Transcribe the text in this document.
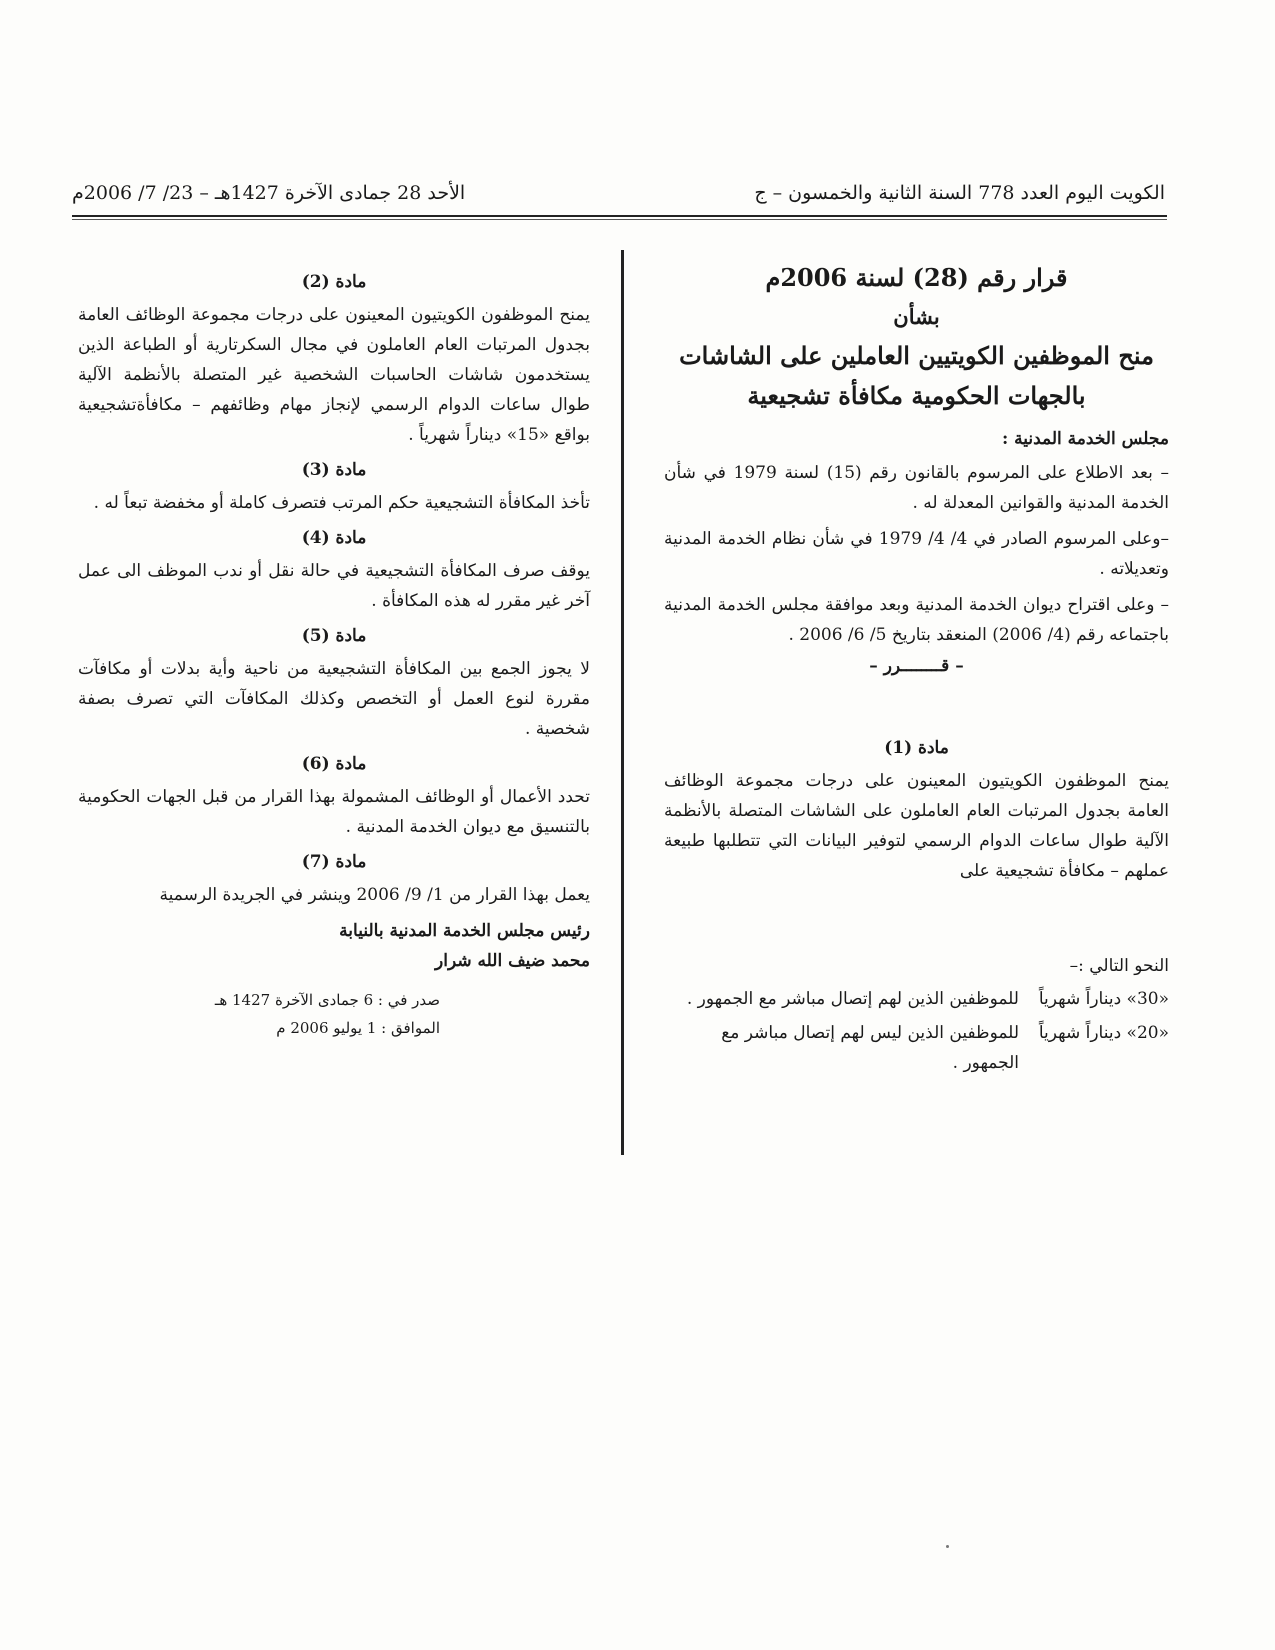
الكويت اليوم العدد 778 السنة الثانية والخمسون – ج
الأحد 28 جمادى الآخرة 1427هـ – 23/ 7/ 2006م
قرار رقم (28) لسنة 2006م
بشأن
منح الموظفين الكويتيين العاملين على الشاشات
بالجهات الحكومية مكافأة تشجيعية
مجلس الخدمة المدنية :
– بعد الاطلاع على المرسوم بالقانون رقم (15) لسنة 1979 في شأن الخدمة المدنية والقوانين المعدلة له .
–وعلى المرسوم الصادر في 4/ 4/ 1979 في شأن نظام الخدمة المدنية وتعديلاته .
– وعلى اقتراح ديوان الخدمة المدنية وبعد موافقة مجلس الخدمة المدنية باجتماعه رقم (4/ 2006) المنعقد بتاريخ 5/ 6/ 2006 .
– قــــــــرر –
مادة (1)
يمنح الموظفون الكويتيون المعينون على درجات مجموعة الوظائف العامة بجدول المرتبات العام العاملون على الشاشات المتصلة بالأنظمة الآلية طوال ساعات الدوام الرسمي لتوفير البيانات التي تتطلبها طبيعة عملهم – مكافأة تشجيعية على
النحو التالي :–
«30» ديناراً شهرياً
للموظفين الذين لهم إتصال مباشر مع الجمهور .
«20» ديناراً شهرياً
للموظفين الذين ليس لهم إتصال مباشر مع الجمهور .
مادة (2)
يمنح الموظفون الكويتيون المعينون على درجات مجموعة الوظائف العامة بجدول المرتبات العام العاملون في مجال السكرتارية أو الطباعة الذين يستخدمون شاشات الحاسبات الشخصية غير المتصلة بالأنظمة الآلية طوال ساعات الدوام الرسمي لإنجاز مهام وظائفهم – مكافأةتشجيعية بواقع «15» ديناراً شهرياً .
مادة (3)
تأخذ المكافأة التشجيعية حكم المرتب فتصرف كاملة أو مخفضة تبعاً له .
مادة (4)
يوقف صرف المكافأة التشجيعية في حالة نقل أو ندب الموظف الى عمل آخر غير مقرر له هذه المكافأة .
مادة (5)
لا يجوز الجمع بين المكافأة التشجيعية من ناحية وأية بدلات أو مكافآت مقررة لنوع العمل أو التخصص وكذلك المكافآت التي تصرف بصفة شخصية .
مادة (6)
تحدد الأعمال أو الوظائف المشمولة بهذا القرار من قبل الجهات الحكومية بالتنسيق مع ديوان الخدمة المدنية .
مادة (7)
يعمل بهذا القرار من 1/ 9/ 2006 وينشر في الجريدة الرسمية
رئيس مجلس الخدمة المدنية بالنيابة
محمد ضيف الله شرار
صدر في : 6 جمادى الآخرة 1427 هـ
الموافق : 1 يوليو 2006 م
